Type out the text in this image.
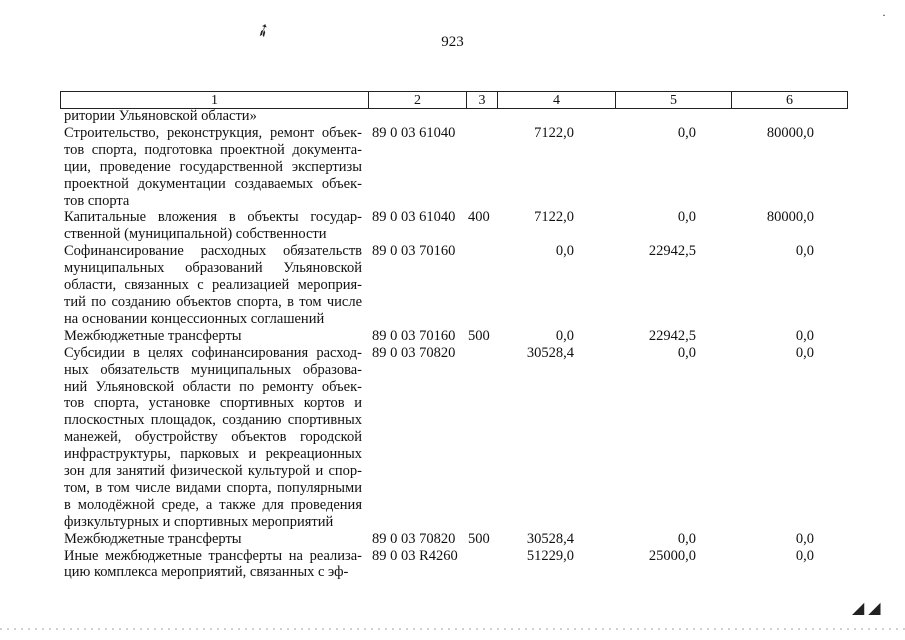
➶
·
923
1	2	3	4	5	6
ритории Ульяновской области»
Строительство, реконструкция, ремонт объек-
тов спорта, подготовка проектной документа-
ции, проведение государственной экспертизы
проектной документации создаваемых объек-
тов спорта
89 0 03 61040	7122,0	0,0	80000,0
Капитальные вложения в объекты государ-
ственной (муниципальной) собственности
89 0 03 61040 400	7122,0	0,0	80000,0
Софинансирование расходных обязательств
муниципальных образований Ульяновской
области, связанных с реализацией мероприя-
тий по созданию объектов спорта, в том числе
на основании концессионных соглашений
89 0 03 70160	0,0	22942,5	0,0
Межбюджетные трансферты	89 0 03 70160 500	0,0	22942,5	0,0
Субсидии в целях софинансирования расход-
ных обязательств муниципальных образова-
ний Ульяновской области по ремонту объек-
тов спорта, установке спортивных кортов и
плоскостных площадок, созданию спортивных
манежей, обустройству объектов городской
инфраструктуры, парковых и рекреационных
зон для занятий физической культурой и спор-
том, в том числе видами спорта, популярными
в молодёжной среде, а также для проведения
физкультурных и спортивных мероприятий
89 0 03 70820	30528,4	0,0	0,0
Межбюджетные трансферты	89 0 03 70820 500	30528,4	0,0	0,0
Иные межбюджетные трансферты на реализа-
цию комплекса мероприятий, связанных с эф-
89 0 03 R4260	51229,0	25000,0	0,0
◢ ◢
